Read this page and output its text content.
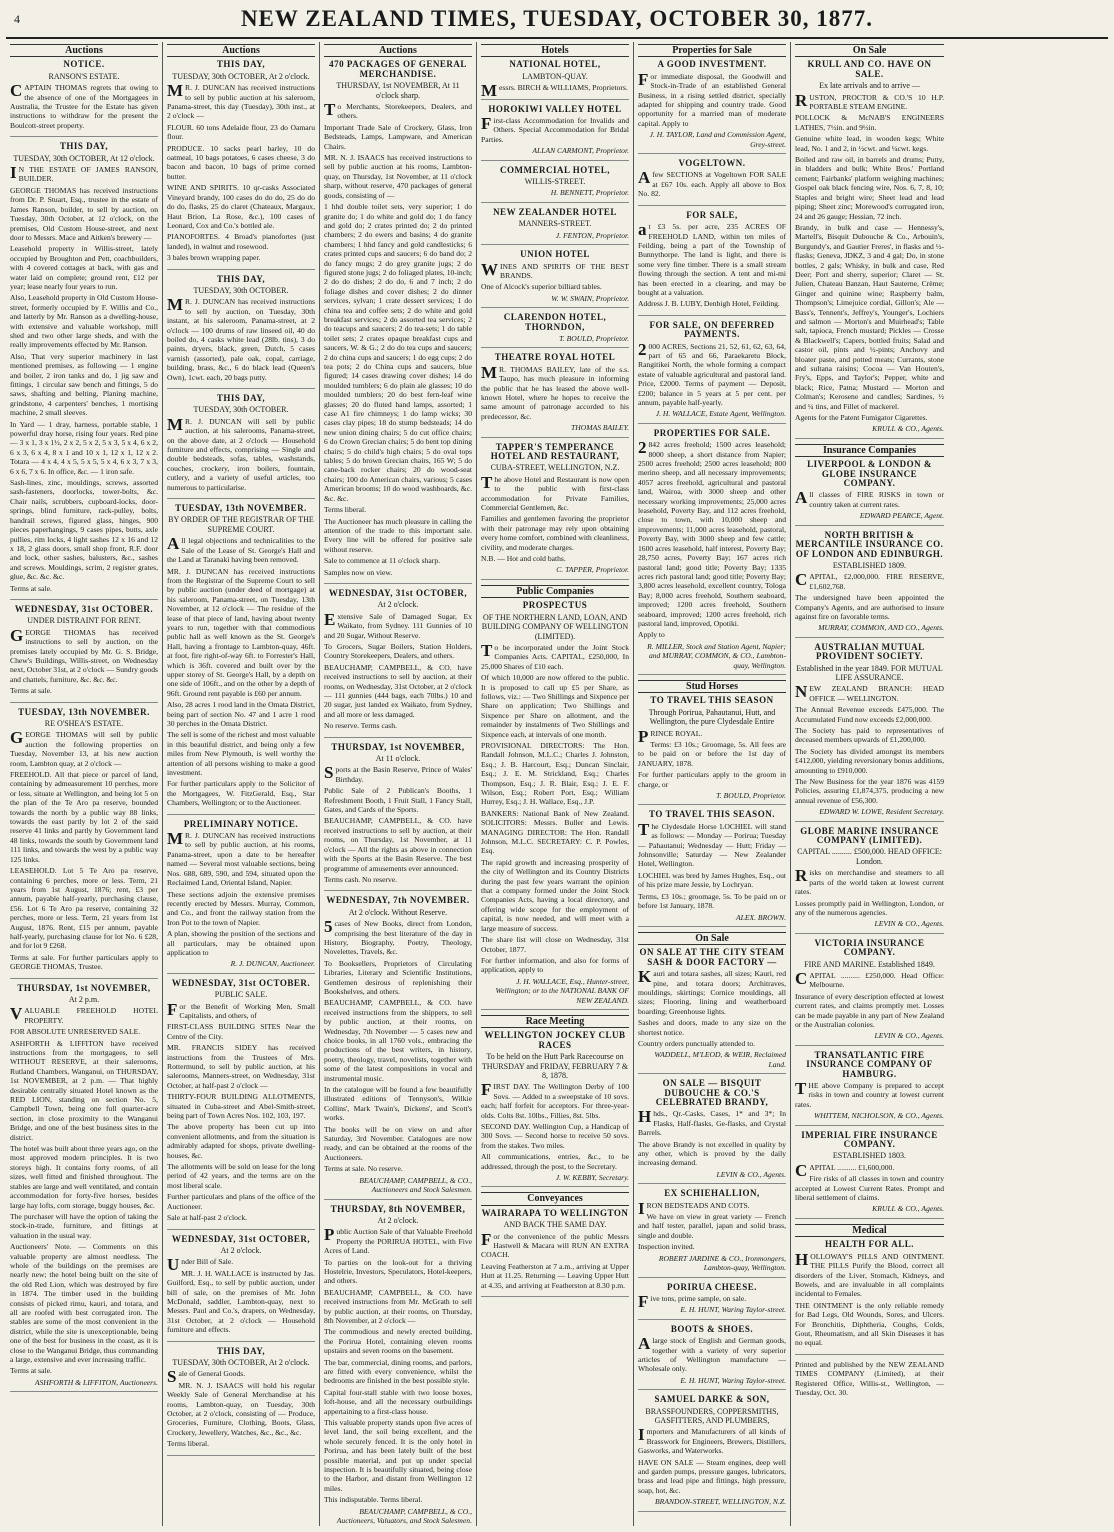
4	NEW ZEALAND TIMES, TUESDAY, OCTOBER 30, 1877.
Auctions
NOTICE.
RANSON'S ESTATE.

CAPTAIN THOMAS regrets that owing to the absence of one of the Mortgagees in Australia, the Trustee for the Estate has given instructions to withdraw for the present the Boulcott-street property.

THIS DAY,
TUESDAY, 30th OCTOBER, At 12 o'clock.

IN THE ESTATE OF JAMES RANSON, BUILDER.

GEORGE THOMAS has received instructions from Dr. P. Stuart, Esq., trustee in the estate of James Ranson, builder, to sell by auction, on Tuesday, 30th October, at 12 o'clock, on the premises, Old Custom House-street, and next door to Messrs. Mace and Aitken's brewery —

Leasehold property in Willis-street, lately occupied by Broughton and Pett, coachbuilders, with 4 covered cottages at back, with gas and water laid on complete; ground rent, £12 per year; lease nearly four years to run.

Also, Leasehold property in Old Custom House-street, formerly occupied by F. Willis and Co., and latterly by Mr. Ranson as a dwelling-house, with extensive and valuable workshop, mill shed and two other large sheds, and with the really improvements effected by Mr. Ranson.

Also, That very superior machinery in last mentioned premises, as following — 1 engine and boiler, 2 iron tanks and do, 1 jig saw and fittings, 1 circular saw bench and fittings, 5 do saws, shafting and belting, Planing machine, grindstone, 4 carpenters' benches, 1 mortising machine, 2 small sleeves.

In Yard — 1 dray, harness, portable stable, 1 powerful dray horse, rising four years. Red pine — 3 x 1, 3 x 1½, 2 x 2, 5 x 2, 5 x 3, 5 x 4, 6 x 2, 6 x 3, 6 x 4, 8 x 1 and 10 x 1, 12 x 1, 12 x 2. Totara — 4 x 4, 4 x 5, 5 x 5, 5 x 4, 6 x 3, 7 x 3, 6 x 6, 7 x 6. In office, &c. — 1 iron safe.

Sash-lines, zinc, mouldings, screws, assorted sash-fasteners, doorlocks, tower-bolts, &c. Chair nails, scrubbers, cupboard-locks, door-springs, blind furniture, rack-pulley, bolts, handrail screws, figured glass, hinges, 900 pieces paperhangings, 9 cases pipes, butts, axle pullies, rim locks, 4 light sashes 12 x 16 and 12 x 18, 2 glass doors, small shop front, R.F. door and lock, other sashes, balusters, &c., sashes and screws. Mouldings, scrim, 2 register grates, glue, &c. &c. &c.

Terms at sale.

WEDNESDAY, 31st OCTOBER.
UNDER DISTRAINT FOR RENT.

GEORGE THOMAS has received instructions to sell by auction, on the premises lately occupied by Mr. G. S. Bridge, Chew's Buildings, Willis-street, on Wednesday next, October 31st, at 2 o'clock — Sundry goods and chattels, furniture, &c. &c. &c.

Terms at sale.

TUESDAY, 13th NOVEMBER.
RE O'SHEA'S ESTATE.

GEORGE THOMAS will sell by public auction the following properties on Tuesday, November 13, at his new auction room, Lambton quay, at 2 o'clock —

FREEHOLD. All that piece or parcel of land, containing by admeasurement 10 perches, more or less, situate at Wellington, and being lot 5 on the plan of the Te Aro pa reserve, bounded towards the north by a public way 88 links, towards the east partly by lot 2 of the said reserve 41 links and partly by Government land 48 links, towards the south by Government land 111 links, and towards the west by a public way 125 links.

LEASEHOLD. Lot 5 Te Aro pa reserve, containing 6 perches, more or less. Term, 21 years from 1st August, 1876; rent, £3 per annum, payable half-yearly, purchasing clause, £56. Lot 6 Te Aro pa reserve, containing 32 perches, more or less. Term, 21 years from 1st August, 1876. Rent, £15 per annum, payable half-yearly, purchasing clause for lot No. 6 £28, and for lot 9 £268.

Terms at sale. For further particulars apply to GEORGE THOMAS, Trustee.

THURSDAY, 1st NOVEMBER,
At 2 p.m.

VALUABLE FREEHOLD HOTEL PROPERTY.

FOR ABSOLUTE UNRESERVED SALE.

ASHFORTH & LIFFITON have received instructions from the mortgagees, to sell WITHOUT RESERVE, at their salerooms, Rutland Chambers, Wanganui, on THURSDAY, 1st NOVEMBER, at 2 p.m. — That highly desirable centrally situated Hotel known as the RED LION, standing on section No. 5, Campbell Town, being one full quarter-acre section, in close proximity to the Wanganui Bridge, and one of the best business sites in the district.

The hotel was built about three years ago, on the most approved modern principles. It is two storeys high. It contains forty rooms, of all sizes, well fitted and finished throughout. The stables are large and well ventilated, and contain accommodation for forty-five horses, besides large hay lofts, corn storage, buggy houses, &c.

The purchaser will have the option of taking the stock-in-trade, furniture, and fittings at valuation in the usual way.

Auctioneers' Note. — Comments on this valuable property are almost needless. The whole of the buildings on the premises are nearly new; the hotel being built on the site of the old Red Lion, which was destroyed by fire in 1874. The timber used in the building consists of picked rimu, kauri, and totara, and all are roofed with best corrugated iron. The stables are some of the most convenient in the district, while the site is unexceptionable, being one of the best for business in the coast, as it is close to the Wanganui Bridge, thus commanding a large, extensive and ever increasing traffic.

Terms at sale.

ASHFORTH & LIFFITON, Auctioneers.
Auctions
THIS DAY,
TUESDAY, 30th OCTOBER, At 2 o'clock.

MR. J. DUNCAN has received instructions to sell by public auction at his saleroom, Panama-street, this day (Tuesday), 30th inst., at 2 o'clock —

FLOUR. 60 tons Adelaide flour, 23 do Oamaru flour.

PRODUCE. 10 sacks pearl barley, 10 do oatmeal, 10 bags potatoes, 6 cases cheese, 3 do bacon and bacon, 10 bags of prime corned butter.

WINE AND SPIRITS. 10 qr-casks Associated Vineyard brandy, 100 cases do do do, 25 do do do do, flasks, 25 do claret (Chateaux, Margaux, Haut Brion, La Rose, &c.), 100 cases of Leonard, Cox and Co.'s bottled ale.

PIANOFORTES. 4 Broad's pianofortes (just landed), in walnut and rosewood.

3 bales brown wrapping paper.

THIS DAY,
TUESDAY, 30th OCTOBER.

MR. J. DUNCAN has received instructions to sell by auction, on Tuesday, 30th instant, at his saleroom, Panama-street, at 2 o'clock — 100 drums of raw linseed oil, 40 do boiled do, 4 casks white lead (28lb. tins), 3 do paints, dryers, black, green, Dutch, 5 cases varnish (assorted), pale oak, copal, carriage, building, brass, &c., 6 do black lead (Queen's Own), 1cwt. each, 20 bags putty.

THIS DAY,
TUESDAY, 30th OCTOBER.

MR. J. DUNCAN will sell by public auction, at his salerooms, Panama-street, on the above date, at 2 o'clock — Household furniture and effects, comprising — Single and double bedsteads, sofas, tables, washstands, couches, crockery, iron boilers, fountain, cutlery, and a variety of useful articles, too numerous to particularise.

TUESDAY, 13th NOVEMBER.
BY ORDER OF THE REGISTRAR OF THE SUPREME COURT.

All legal objections and technicalities to the Sale of the Lease of St. George's Hall and the Land at Taranaki having been removed.

MR. J. DUNCAN has received instructions from the Registrar of the Supreme Court to sell by public auction (under deed of mortgage) at his saleroom, Panama-street, on Tuesday, 13th November, at 12 o'clock — The residue of the lease of that piece of land, having about twenty years to run, together with that commodious public hall as well known as the St. George's Hall, having a frontage to Lambton-quay, 46ft. at foot, fire right-of-way 6ft. to Forrester's Hall, which is 36ft. covered and built over by the upper storey of St. George's Hall, by a depth on one side of 106ft., and on the other by a depth of 96ft. Ground rent payable is £60 per annum.

Also, 28 acres 1 rood land in the Omata District, being part of section No. 47 and 1 acre 1 rood 30 perches in the Omata District.

The sell is some of the richest and most valuable in this beautiful district, and being only a few miles from New Plymouth, is well worthy the attention of all persons wishing to make a good investment.

For further particulars apply to the Solicitor of the Mortgagees, W. FitzGerald, Esq., Star Chambers, Wellington; or to the Auctioneer.

PRELIMINARY NOTICE.

MR. J. DUNCAN has received instructions to sell by public auction, at his rooms, Panama-street, upon a date to be hereafter named — Several most valuable sections, being Nos. 688, 689, 590, and 594, situated upon the Reclaimed Land, Oriental Island, Napier.

These sections adjoin the extensive premises recently erected by Messrs. Murray, Common, and Co., and front the railway station from the Iron Pot to the town of Napier.

A plan, showing the position of the sections and all particulars, may be obtained upon application to

R. J. DUNCAN, Auctioneer.
WEDNESDAY, 31st OCTOBER.
PUBLIC SALE.

For the Benefit of Working Men, Small Capitalists, and others, of

FIRST-CLASS BUILDING SITES Near the Centre of the City.

MR. FRANCIS SIDEY has received instructions from the Trustees of Mrs. Rottermund, to sell by public auction, at his salerooms, Manners-street, on Wednesday, 31st October, at half-past 2 o'clock —

THIRTY-FOUR BUILDING ALLOTMENTS, situated in Cuba-street and Abel-Smith-street, being part of Town Acres Nos. 102, 103, 197.

The above property has been cut up into convenient allotments, and from the situation is admirably adapted for shops, private dwelling-houses, &c.

The allotments will be sold on lease for the long period of 42 years, and the terms are on the most liberal scale.

Further particulars and plans of the office of the Auctioneer.

Sale at half-past 2 o'clock.

WEDNESDAY, 31st OCTOBER,
At 2 o'clock.

Under Bill of Sale.

MR. J. H. WALLACE is instructed by Jas. Guilford, Esq., to sell by public auction, under bill of sale, on the premises of Mr. John McDonald, saddler, Lambton-quay, next to Messrs. Paul and Co.'s, drapers, on Wednesday, 31st October, at 2 o'clock — Household furniture and effects.

THIS DAY,
TUESDAY, 30th OCTOBER, At 2 o'clock.

Sale of General Goods.

MR. N. J. ISAACS will hold his regular Weekly Sale of General Merchandise at his rooms, Lambton-quay, on Tuesday, 30th October, at 2 o'clock, consisting of — Produce, Groceries, Furniture, Clothing, Boots, Glass, Crockery, Jewellery, Watches, &c., &c., &c.

Terms liberal.

Auctions
470 PACKAGES OF GENERAL MERCHANDISE.
THURSDAY, 1st NOVEMBER, At 11 o'clock sharp.

To Merchants, Storekeepers, Dealers, and others.

Important Trade Sale of Crockery, Glass, Iron Bedsteads, Lamps, Lampware, and American Chairs.

MR. N. J. ISAACS has received instructions to sell by public auction at his rooms, Lambton-quay, on Thursday, 1st November, at 11 o'clock sharp, without reserve, 470 packages of general goods, consisting of —

1 hhd double toilet sets, very superior; 1 do granite do; 1 do white and gold do; 1 do fancy and gold do; 2 crates printed do; 2 do printed chambers; 2 do ewers and basins; 4 do granite chambers; 1 hhd fancy and gold candlesticks; 6 crates printed cups and saucers; 6 do band do; 2 do fancy mugs; 2 do grey granite jugs; 2 do figured stone jugs; 2 do foliaged plates, 10-inch; 2 do do dishes; 2 do do, 6 and 7 inch; 2 do foliage dishes and cover dishes; 2 do dinner services, sylvan; 1 crate dessert services; 1 do china tea and coffee sets; 2 do white and gold breakfast services; 2 do assorted tea services; 2 do teacups and saucers; 2 do tea-sets; 1 do table toilet sets; 2 crates opaque breakfast cups and saucers, W. & G.; 2 do do tea cups and saucers; 2 do china cups and saucers; 1 do egg cups; 2 do tea pots; 2 do China cups and saucers, blue figured; 14 cases drawing cover dishes; 14 do moulded tumblers; 6 do plain ale glasses; 10 do moulded tumblers; 20 do best fern-leaf wine glasses; 20 do fluted hand lamps, assorted; 1 case A1 fire chimneys; 1 do lamp wicks; 30 cases clay pipes; 18 do stump bedsteads; 14 do new union dining chairs; 5 do cut office chairs; 6 do Crown Grecian chairs; 5 do bent top dining chairs; 5 do child's high chairs; 5 do oval tops tables; 5 do brown Grecian chairs, 165 W; 5 do cane-back rocker chairs; 20 do wood-seat chairs; 100 do American chairs, various; 5 cases American brooms; 10 do wood washboards, &c. &c. &c.

Terms liberal.

The Auctioneer has much pleasure in calling the attention of the trade to this important sale. Every line will be offered for positive sale without reserve.

Sale to commence at 11 o'clock sharp.

Samples now on view.

WEDNESDAY, 31st OCTOBER,
At 2 o'clock.

Extensive Sale of Damaged Sugar, Ex Waikato, from Sydney. 111 Gunnies of 10 and 20 Sugar, Without Reserve.

To Grocers, Sugar Boilers, Station Holders, Country Storekeepers, Dealers, and others.

BEAUCHAMP, CAMPBELL, & CO. have received instructions to sell by auction, at their rooms, on Wednesday, 31st October, at 2 o'clock — 111 gunnies (444 bags, each 70lbs.) 10 and 20 sugar, just landed ex Waikato, from Sydney, and all more or less damaged.

No reserve. Terms cash.

THURSDAY, 1st NOVEMBER,
At 11 o'clock.

Sports at the Basin Reserve, Prince of Wales' Birthday.

Public Sale of 2 Publican's Booths, 1 Refreshment Booth, 1 Fruit Stall, 1 Fancy Stall, Gates, and Cards of the Sports.

BEAUCHAMP, CAMPBELL, & CO. have received instructions to sell by auction, at their rooms, on Thursday, 1st November, at 11 o'clock — All the rights as above in connection with the Sports at the Basin Reserve. The best programme of amusements ever announced.

Terms cash. No reserve.

WEDNESDAY, 7th NOVEMBER.
At 2 o'clock. Without Reserve.

5cases of New Books, direct from London, comprising the best literature of the day in History, Biography, Poetry, Theology, Novelettes, Travels, &c.

To Booksellers, Proprietors of Circulating Libraries, Literary and Scientific Institutions, Gentlemen desirous of replenishing their Bookshelves, and others.

BEAUCHAMP, CAMPBELL, & CO. have received instructions from the shippers, to sell by public auction, at their rooms, on Wednesday, 7th November — 5 cases new and choice books, in all 1760 vols., embracing the productions of the best writers, in history, poetry, theology, travel, novelists, together with some of the latest compositions in vocal and instrumental music.

In the catalogue will be found a few beautifully illustrated editions of Tennyson's, Wilkie Collins', Mark Twain's, Dickens', and Scott's works.

The books will be on view on and after Saturday, 3rd November. Catalogues are now ready, and can be obtained at the rooms of the Auctioneers.

Terms at sale. No reserve.

BEAUCHAMP, CAMPBELL, & CO., Auctioneers and Stock Salesmen.
THURSDAY, 8th NOVEMBER,
At 2 o'clock.

Public Auction Sale of that Valuable Freehold Property the PORIRUA HOTEL, with Five Acres of Land.

To parties on the look-out for a thriving Hostelrie, Investors, Speculators, Hotel-keepers, and others.

BEAUCHAMP, CAMPBELL, & CO. have received instructions from Mr. McGrath to sell by public auction, at their rooms, on Thursday, 8th November, at 2 o'clock —

The commodious and newly erected building, the Porirua Hotel, containing eleven rooms upstairs and seven rooms on the basement.

The bar, commercial, dining rooms, and parlors, are fitted with every convenience, whilst the bedrooms are finished in the best possible style.

Capital four-stall stable with two loose boxes, loft-house, and all the necessary outbuildings appertaining to a first-class house.

This valuable property stands upon five acres of level land, the soil being excellent, and the whole securely fenced. It is the only hotel in Porirua, and has been lately built of the best possible material, and put up under special inspection. It is beautifully situated, being close to the Harbor, and distant from Wellington 12 miles.

This indisputable. Terms liberal.

BEAUCHAMP, CAMPBELL, & CO., Auctioneers, Valuators, and Stock Salesmen.
Hotels
NATIONAL HOTEL,
LAMBTON-QUAY.

Messrs. BIRCH & WILLIAMS, Proprietors.

HOROKIWI VALLEY HOTEL

First-class Accommodation for Invalids and Others. Special Accommodation for Bridal Parties.

ALLAN CARMONT, Proprietor.
COMMERCIAL HOTEL,
WILLIS-STREET.
H. BENNETT, Proprietor.
NEW ZEALANDER HOTEL
MANNERS-STREET.
J. FENTON, Proprietor.
UNION HOTEL

WINES AND SPIRITS OF THE BEST BRANDS.

One of Alcock's superior billiard tables.

W. W. SWAIN, Proprietor.
CLARENDON HOTEL, THORNDON,
T. BOULD, Proprietor.
THEATRE ROYAL HOTEL

MR. THOMAS BAILEY, late of the s.s. Taupo, has much pleasure in informing the public that he has leased the above well-known Hotel, where he hopes to receive the same amount of patronage accorded to his predecessor, &c.

THOMAS BAILEY.
TAPPER'S TEMPERANCE HOTEL AND RESTAURANT,
CUBA-STREET, WELLINGTON, N.Z.

The above Hotel and Restaurant is now open to the public with first-class accommodation for Private Families, Commercial Gentlemen, &c.

Families and gentlemen favoring the proprietor with their patronage may rely upon obtaining every home comfort, combined with cleanliness, civility, and moderate charges.

N.B. — Hot and cold baths.

C. TAPPER, Proprietor.
Public Companies
PROSPECTUS
OF THE NORTHERN LAND, LOAN, AND BUILDING COMPANY OF WELLINGTON (LIMITED).

To be incorporated under the Joint Stock Companies Acts. CAPITAL, £250,000, In 25,000 Shares of £10 each.

Of which 10,000 are now offered to the public. It is proposed to call up £5 per Share, as follows, viz.: — Two Shillings and Sixpence per Share on application; Two Shillings and Sixpence per Share on allotment, and the remainder by instalments of Two Shillings and Sixpence each, at intervals of one month.

PROVISIONAL DIRECTORS: The Hon. Randall Johnson, M.L.C.; Charles J. Johnston, Esq.; J. B. Harcourt, Esq.; Duncan Sinclair, Esq.; J. E. M. Strickland, Esq.; Charles Thompson, Esq.; J. R. Blair, Esq.; J. E. F. Wilson, Esq.; Robert Port, Esq.; William Hurrey, Esq.; J. H. Wallace, Esq., J.P.

BANKERS: National Bank of New Zealand. SOLICITORS: Messrs. Buller and Lewis. MANAGING DIRECTOR: The Hon. Randall Johnson, M.L.C. SECRETARY: C. P. Powles, Esq.

The rapid growth and increasing prosperity of the city of Wellington and its Country Districts during the past few years warrant the opinion that a company formed under the Joint Stock Companies Acts, having a local directory, and offering wide scope for the employment of capital, is now needed, and will meet with a large measure of success.

The share list will close on Wednesday, 31st October, 1877.

For further information, and also for forms of application, apply to

J. H. WALLACE, Esq., Hunter-street, Wellington; or to the NATIONAL BANK OF NEW ZEALAND.
Race Meeting
WELLINGTON JOCKEY CLUB RACES
To be held on the Hutt Park Racecourse on THURSDAY and FRIDAY, FEBRUARY 7 & 8, 1878.

FIRST DAY. The Wellington Derby of 100 Sovs. — Added to a sweepstake of 10 sovs. each; half forfeit for acceptors. For three-year-olds. Colts 8st. 10lbs., Fillies, 8st. 5lbs.

SECOND DAY. Wellington Cup, a Handicap of 300 Sovs. — Second horse to receive 50 sovs. from the stakes. Two miles.

All communications, entries, &c., to be addressed, through the post, to the Secretary.

J. W. KEBBY, Secretary.
Conveyances
WAIRARAPA TO WELLINGTON
AND BACK THE SAME DAY.

For the convenience of the public Messrs Hastwell & Macara will RUN AN EXTRA COACH.

Leaving Featherston at 7 a.m., arriving at Upper Hutt at 11.25. Returning — Leaving Upper Hutt at 4.35, and arriving at Featherston at 8.30 p.m.

Properties for Sale
A GOOD INVESTMENT.

For immediate disposal, the Goodwill and Stock-in-Trade of an established General Business, in a rising settled district, specially adapted for shipping and country trade. Good opportunity for a married man of moderate capital. Apply to

J. H. TAYLOR, Land and Commission Agent, Grey-street.
VOGELTOWN.

Afew SECTIONS at Vogeltown FOR SALE at £67 10s. each. Apply all above to Box No. 82.

FOR SALE,

at £3 5s. per acre, 235 ACRES OF FREEHOLD LAND, within ten miles of Feilding, being a part of the Township of Bunnythorpe. The land is light, and there is some very fine timber. There is a small stream flowing through the section. A tent and mi-mi has been erected in a clearing, and may be bought at a valuation.

Address J. B. LUBY, Denbigh Hotel, Feilding.

FOR SALE, ON DEFERRED PAYMENTS.

2000 ACRES, Sections 21, 52, 61, 62, 63, 64, part of 65 and 66, Paraekaretu Block, Rangitikei North, the whole forming a compact estate of valuable agricultural and pastoral land. Price, £2000. Terms of payment — Deposit, £200; balance in 5 years at 5 per cent. per annum, payable half-yearly.

J. H. WALLACE, Estate Agent, Wellington.
PROPERTIES FOR SALE.

2842 acres freehold; 1500 acres leasehold; 8000 sheep, a short distance from Napier; 2500 acres freehold; 2500 acres leasehold; 800 merino sheep, and all necessary improvements; 4057 acres freehold, agricultural and pastoral land, Wairoa, with 3000 sheep and other necessary working improvements; 25,000 acres leasehold, Poverty Bay, and 112 acres freehold, close to town, with 10,000 sheep and improvements; 11,000 acres leasehold, pastoral, Poverty Bay, with 3000 sheep and few cattle; 1600 acres leasehold, half interest, Poverty Bay; 28,750 acres, Poverty Bay; 167 acres rich pastoral land; good title; Poverty Bay; 1335 acres rich pastoral land; good title; Poverty Bay; 3,800 acres leasehold, excellent country, Tologa Bay; 8,000 acres freehold, Southern seaboard, improved; 1200 acres freehold, Southern seaboard, improved; 1200 acres freehold, rich pastoral land, improved, Opotiki.

Apply to

R. MILLER, Stock and Station Agent, Napier; and MURRAY, COMMON, & CO., Lambton-quay, Wellington.
Stud Horses
TO TRAVEL THIS SEASON
Through Porirua, Pahautanui, Hutt, and Wellington, the pure Clydesdale Entire

PRINCE ROYAL.

Terms: £3 10s.; Groomage, 5s. All fees are to be paid on or before the 1st day of JANUARY, 1878.

For further particulars apply to the groom in charge, or

T. BOULD, Proprietor.
TO TRAVEL THIS SEASON.

The Clydesdale Horse LOCHIEL will stand as follows: — Monday — Porirua; Tuesday — Pahautanui; Wednesday — Hutt; Friday — Johnsonville; Saturday — New Zealander Hotel, Wellington.

LOCHIEL was bred by James Hughes, Esq., out of his prize mare Jessie, by Lochryan.

Terms, £3 10s.; groomage, 5s. To be paid on or before 1st January, 1878.

ALEX. BROWN.
On Sale
ON SALE AT THE CITY STEAM SASH & DOOR FACTORY —

Kauri and totara sashes, all sizes; Kauri, red pine, and totara doors; Architraves, mouldings, skirtings; Cornice mouldings, all sizes; Flooring, lining and weatherboard boarding; Greenhouse lights.

Sashes and doors, made to any size on the shortest notice.

Country orders punctually attended to.

WADDELL, M'LEOD, & WEIR, Reclaimed Land.
ON SALE — BISQUIT DUBOUCHE & CO.'S CELEBRATED BRANDY,

Hhds., Qr.-Casks, Cases, 1* and 3*; In Flasks, Half-flasks, Ge-flasks, and Crystal Barrels.

The above Brandy is not excelled in quality by any other, which is proved by the daily increasing demand.

LEVIN & CO., Agents.
EX SCHIEHALLION,

IRON BEDSTEADS AND COTS.

We have on view in great variety — French and half tester, parallel, japan and solid brass, single and double.

Inspection invited.

ROBERT JARDINE & CO., Ironmongers, Lambton-quay, Wellington.
PORIRUA CHEESE.

Five tons, prime sample, on sale.

E. H. HUNT, Waring Taylor-street.
BOOTS & SHOES.

Alarge stock of English and German goods, together with a variety of very superior articles of Wellington manufacture — Wholesale only.

E. H. HUNT, Waring Taylor-street.
SAMUEL DARKE & SON,
BRASSFOUNDERS, COPPERSMITHS, GASFITTERS, AND PLUMBERS,

Importers and Manufacturers of all kinds of Brasswork for Engineers, Brewers, Distillers, Gasworks, and Waterworks.

HAVE ON SALE — Steam engines, deep well and garden pumps, pressure gauges, lubricators, brass and lead pipe and fittings, high pressure, soap, hot, &c.

BRANDON-STREET, WELLINGTON, N.Z.
On Sale
KRULL AND CO. HAVE ON SALE.
Ex late arrivals and to arrive —

RUSTON, PROCTOR & CO.'S 10 H.P. PORTABLE STEAM ENGINE.

POLLOCK & McNAB'S ENGINEERS LATHES, 7½in. and 9½in.

Genuine white lead, in wooden kegs; White lead, No. 1 and 2, in ½cwt. and ¼cwt. kegs.

Boiled and raw oil, in barrels and drums; Putty, in bladders and bulk; White Bros.' Portland cement; Fairbanks' platform weighing machines; Gospel oak black fencing wire, Nos. 6, 7, 8, 10; Staples and bright wire; Sheet lead and lead piping; Sheet zinc; Morewood's corrugated iron, 24 and 26 gauge; Hessian, 72 inch.

Brandy, in bulk and case — Hennessy's, Martell's, Bisquit Dubouche & Co., Arbouin's, Burgundy's, and Gautier Freres', in flasks and ½-flasks; Geneva, JDKZ, 3 and 4 gal; Do, in stone bottles, 2 gals; Whisky, in bulk and case, Red Deer; Port and sherry, superior; Claret — St. Julien, Chateau Banzan, Haut Sauterne, Crème; Ginger and quinine wine; Raspberry balm, Thompson's; Limejuice cordial, Gillon's; Ale — Bass's, Tennent's, Jeffrey's, Younger's, Lochiers and salmon — Morton's and Muirhead's; Table salt, tapioca, French mustard; Pickles — Crosse & Blackwell's; Capers, bottled fruits; Salad and castor oil, pints and ½-pints; Anchovy and bloater paste, and potted meats; Currants, stone and sultana raisins; Cocoa — Van Houten's, Fry's, Epps, and Taylor's; Pepper, white and black; Rice, Patna; Mustard — Morton and Colman's; Kerosene and candles; Sardines, ½ and ¼ tins, and Fillet of mackerel.

Agents for the Patent Fumigator Cigarettes.

KRULL & CO., Agents.
Insurance Companies
LIVERPOOL & LONDON & GLOBE INSURANCE COMPANY.

All classes of FIRE RISKS in town or country taken at current rates.

EDWARD PEARCE, Agent.
NORTH BRITISH & MERCANTILE INSURANCE CO. OF LONDON AND EDINBURGH.
ESTABLISHED 1809.

CAPITAL, £2,000,000. FIRE RESERVE, £1,602,768.

The undersigned have been appointed the Company's Agents, and are authorised to insure against fire on favorable terms.

MURRAY, COMMON, AND CO., Agents.
AUSTRALIAN MUTUAL PROVIDENT SOCIETY.
Established in the year 1849. FOR MUTUAL LIFE ASSURANCE.

NEW ZEALAND BRANCH: HEAD OFFICE — WELLINGTON.

The Annual Revenue exceeds £475,000. The Accumulated Fund now exceeds £2,000,000.

The Society has paid to representatives of deceased members upwards of £1,200,000.

The Society has divided amongst its members £412,000, yielding reversionary bonus additions, amounting to £910,000.

The New Business for the year 1876 was 4159 Policies, assuring £1,874,375, producing a new annual revenue of £56,300.

EDWARD W. LOWE, Resident Secretary.
GLOBE MARINE INSURANCE COMPANY (LIMITED).
CAPITAL .......... £500,000. HEAD OFFICE: London.

Risks on merchandise and steamers to all parts of the world taken at lowest current rates.

Losses promptly paid in Wellington, London, or any of the numerous agencies.

LEVIN & CO., Agents.
VICTORIA INSURANCE COMPANY.
FIRE AND MARINE. Established 1849.

CAPITAL .......... £250,000. Head Office: Melbourne.

Insurance of every description effected at lowest current rates, and claims promptly met. Losses can be made payable in any part of New Zealand or the Australian colonies.

LEVIN & CO., Agents.
TRANSATLANTIC FIRE INSURANCE COMPANY OF HAMBURG.

THE above Company is prepared to accept risks in town and country at lowest current rates.

WHITTEM, NICHOLSON, & CO., Agents.
IMPERIAL FIRE INSURANCE COMPANY.
ESTABLISHED 1803.

CAPITAL .......... £1,600,000.

Fire risks of all classes in town and country accepted at Lowest Current Rates. Prompt and liberal settlement of claims.

KRULL & CO., Agents.
Medical
HEALTH FOR ALL.

HOLLOWAY'S PILLS AND OINTMENT. THE PILLS Purify the Blood, correct all disorders of the Liver, Stomach, Kidneys, and Bowels, and are invaluable in all complaints incidental to Females.

THE OINTMENT is the only reliable remedy for Bad Legs, Old Wounds, Sores, and Ulcers. For Bronchitis, Diphtheria, Coughs, Colds, Gout, Rheumatism, and all Skin Diseases it has no equal.

Printed and published by the NEW ZEALAND TIMES COMPANY (Limited), at their Registered Office, Willis-st., Wellington, — Tuesday, Oct. 30.
